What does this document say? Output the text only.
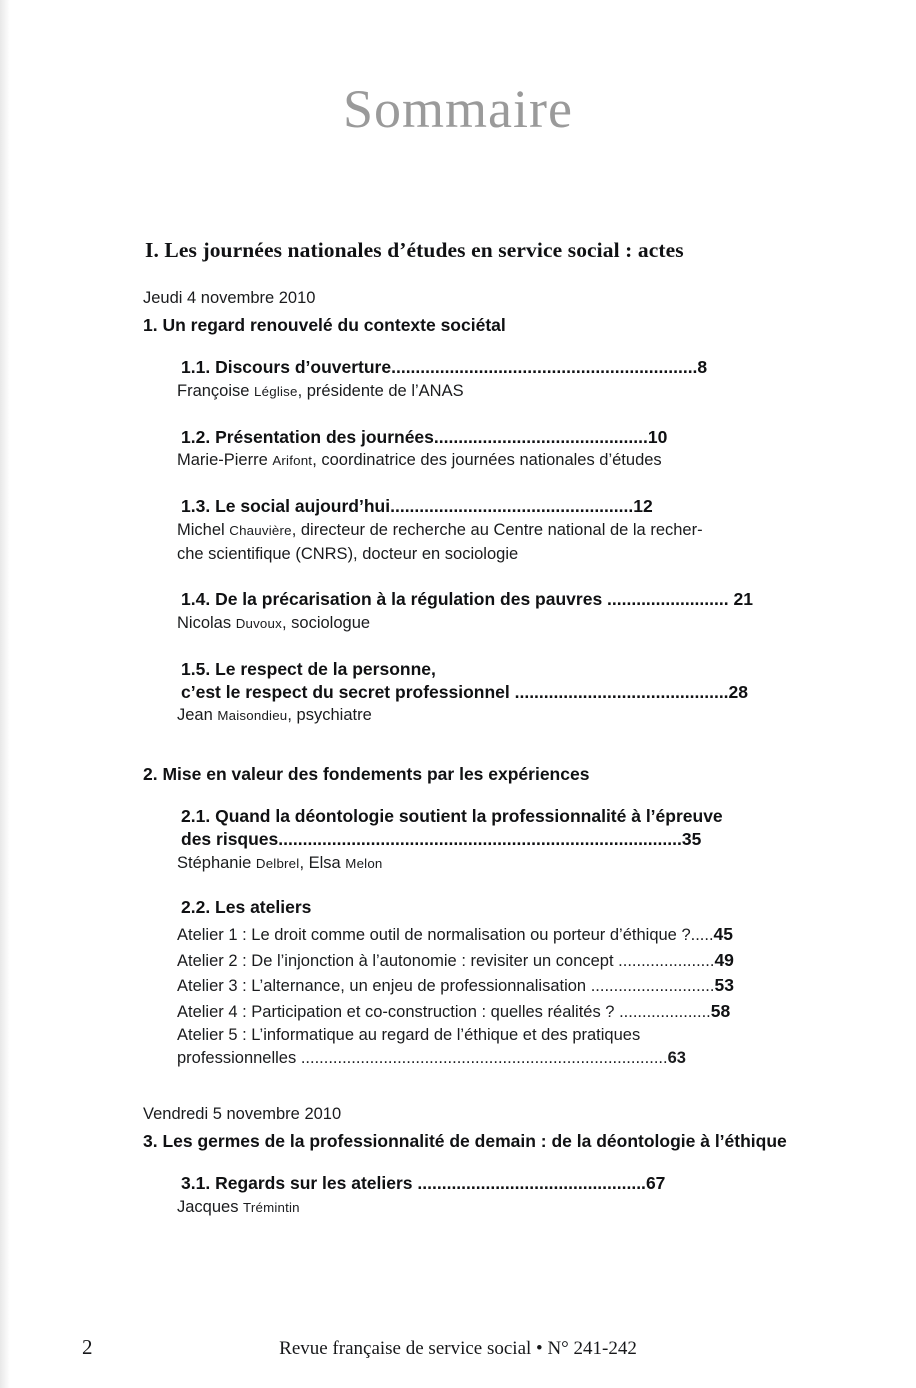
Sommaire
I. Les journées nationales d’études en service social : actes
Jeudi 4 novembre 2010
1. Un regard renouvelé du contexte sociétal
1.1. Discours d’ouverture...............................................................8
Françoise Léglise, présidente de l’ANAS
1.2. Présentation des journées............................................10
Marie-Pierre Arifont, coordinatrice des journées nationales d’études
1.3. Le social aujourd’hui..................................................12
Michel Chauvière, directeur de recherche au Centre national de la recher-
che scientifique (CNRS), docteur en sociologie
1.4. De la précarisation à la régulation des pauvres ......................... 21
Nicolas Duvoux, sociologue
1.5. Le respect de la personne,
c’est le respect du secret professionnel ............................................28
Jean Maisondieu, psychiatre
2. Mise en valeur des fondements par les expériences
2.1. Quand la déontologie soutient la professionnalité à l’épreuve
des risques...................................................................................35
Stéphanie Delbrel, Elsa Melon
2.2. Les ateliers
Atelier 1 : Le droit comme outil de normalisation ou porteur d’éthique ?.....45
Atelier 2 : De l’injonction à l’autonomie : revisiter un concept .....................49
Atelier 3 : L’alternance, un enjeu de professionnalisation ...........................53
Atelier 4 : Participation et co-construction : quelles réalités ? ....................58
Atelier 5 : L’informatique au regard de l’éthique et des pratiques
professionnelles ................................................................................63
Vendredi 5 novembre 2010
3. Les germes de la professionnalité de demain : de la déontologie à l’éthique
3.1. Regards sur les ateliers ...............................................67
Jacques Trémintin
2	Revue française de service social • N° 241-242
